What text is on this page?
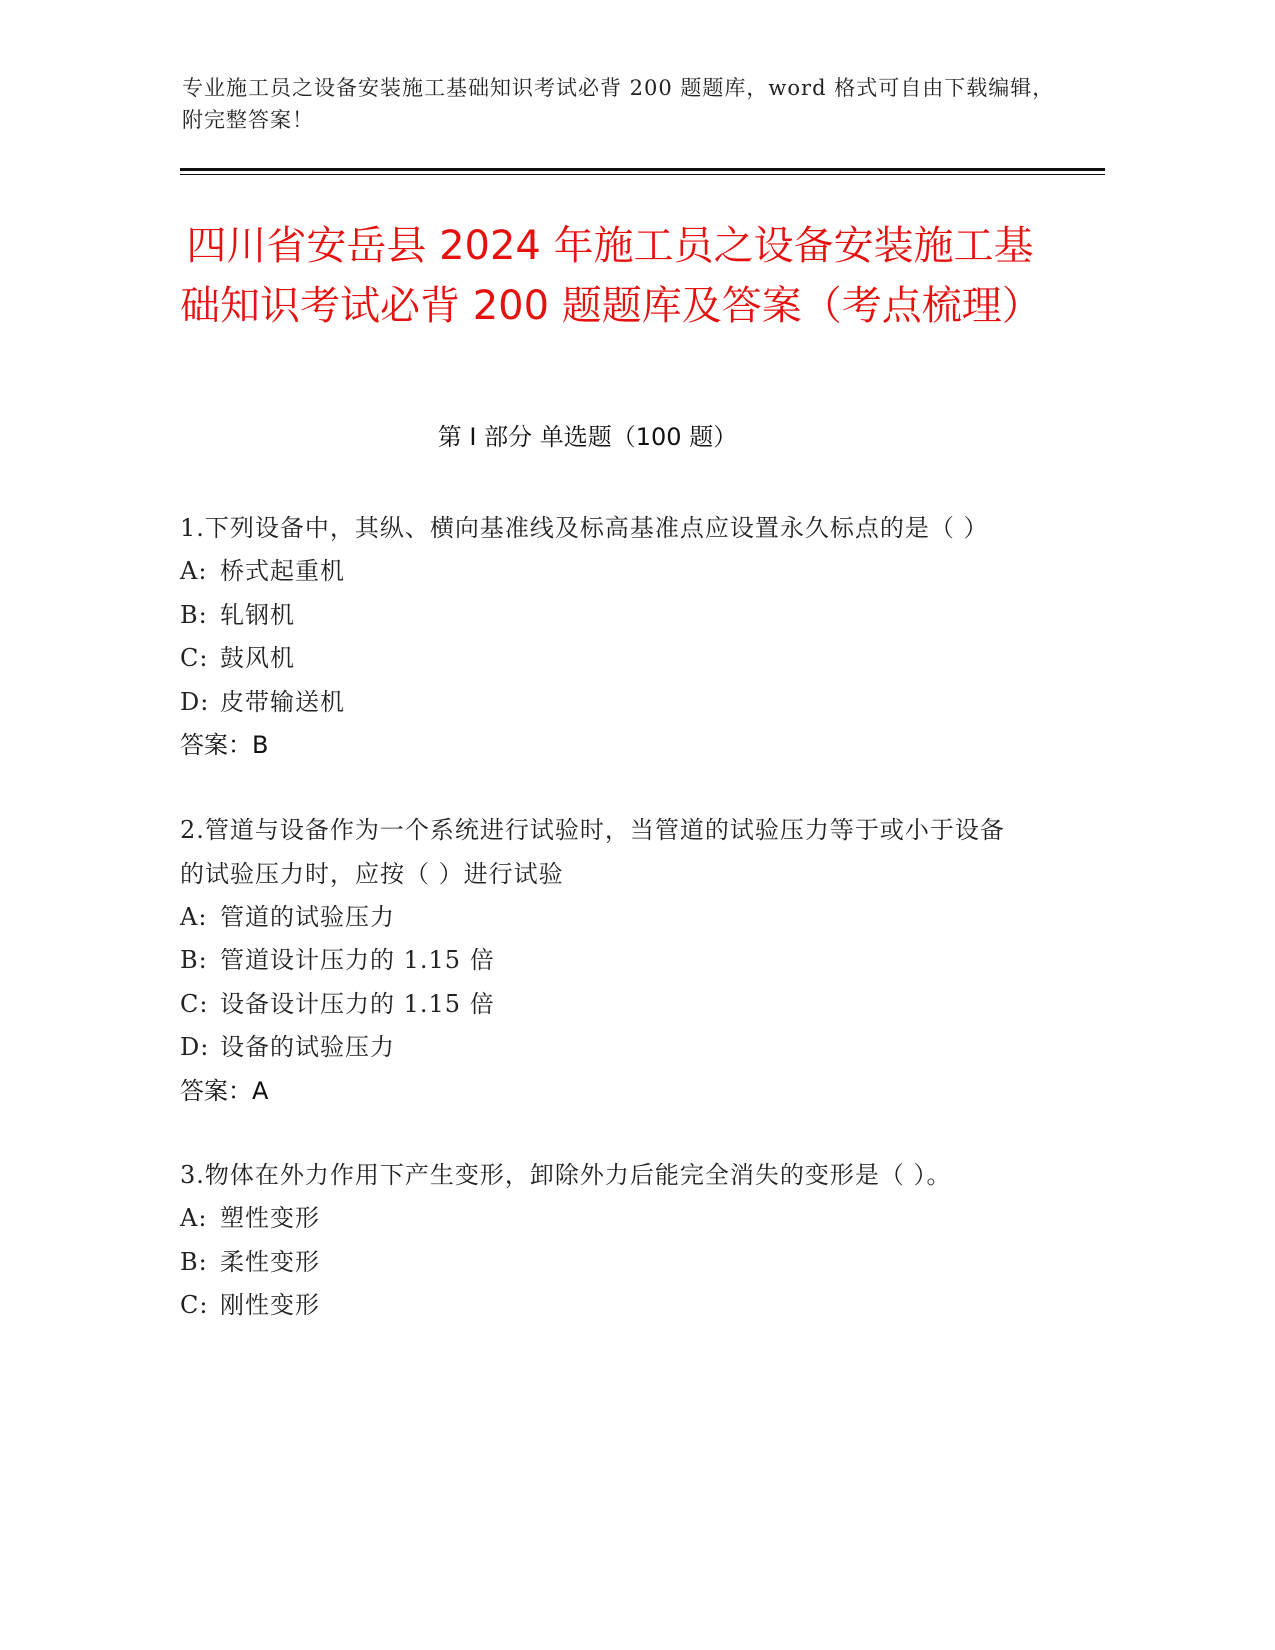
专业施工员之设备安装施工基础知识考试必背 200 题题库，word 格式可自由下载编辑，附完整答案！
四川省安岳县 2024 年施工员之设备安装施工基础知识考试必背 200 题题库及答案（考点梳理）
第 I 部分 单选题（100 题）
1.下列设备中，其纵、横向基准线及标高基准点应设置永久标点的是（ ）
A: 桥式起重机
B: 轧钢机
C: 鼓风机
D: 皮带输送机
答案：B
2.管道与设备作为一个系统进行试验时，当管道的试验压力等于或小于设备的试验压力时，应按（ ）进行试验
A: 管道的试验压力
B: 管道设计压力的 1.15 倍
C: 设备设计压力的 1.15 倍
D: 设备的试验压力
答案：A
3.物体在外力作用下产生变形，卸除外力后能完全消失的变形是（ ）。
A: 塑性变形
B: 柔性变形
C: 刚性变形
